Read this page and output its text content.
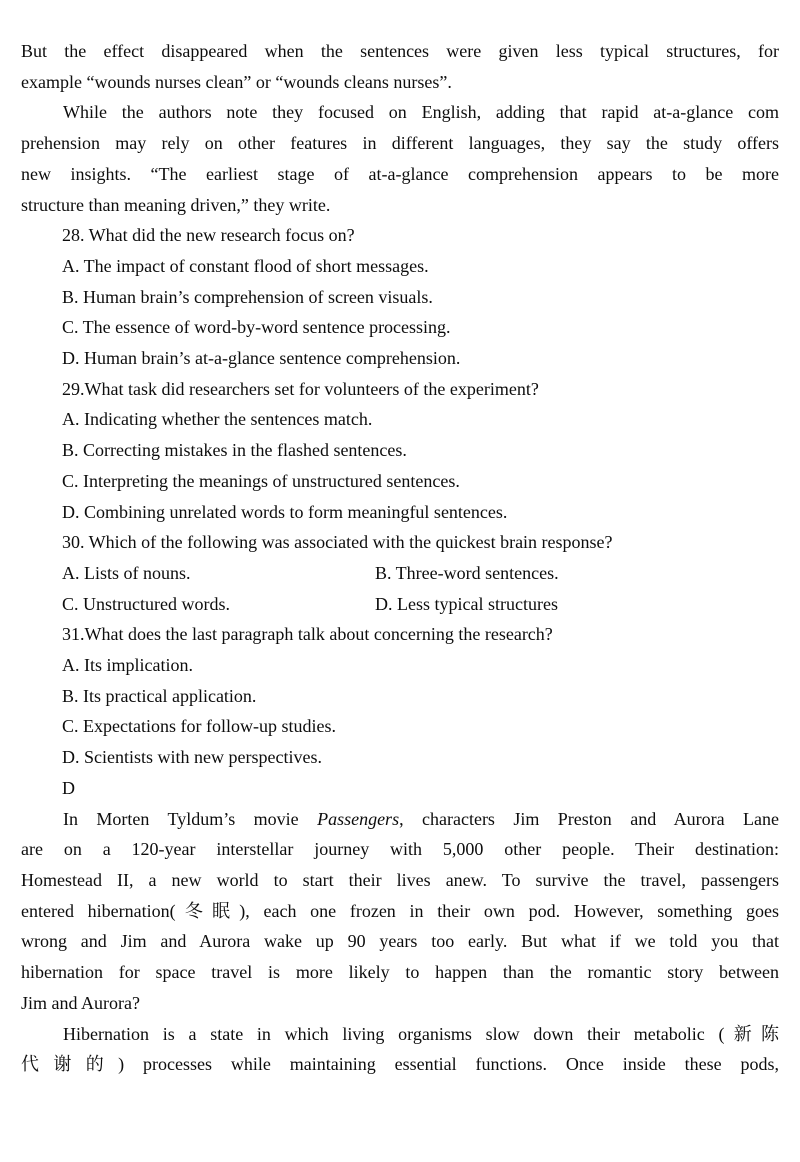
But the effect disappeared when the sentences were given less typical structures, for
example “wounds nurses clean” or “wounds cleans nurses”.
While the authors note they focused on English, adding that rapid at-a-glance com
prehension may rely on other features in different languages, they say the study offers
new insights. “The earliest stage of at-a-glance comprehension appears to be more
structure than meaning driven,” they write.
28. What did the new research focus on?
A. The impact of constant flood of short messages.
B. Human brain’s comprehension of screen visuals.
C. The essence of word-by-word sentence processing.
D. Human brain’s at-a-glance sentence comprehension.
29.What task did researchers set for volunteers of the experiment?
A. Indicating whether the sentences match.
B. Correcting mistakes in the flashed sentences.
C. Interpreting the meanings of unstructured sentences.
D. Combining unrelated words to form meaningful sentences.
30. Which of the following was associated with the quickest brain response?
A. Lists of nouns.	B. Three-word sentences.
C. Unstructured words.	D. Less typical structures
31.What does the last paragraph talk about concerning the research?
A. Its implication.
B. Its practical application.
C. Expectations for follow-up studies.
D. Scientists with new perspectives.
D
In Morten Tyldum’s movie Passengers, characters Jim Preston and Aurora Lane
are on a 120-year interstellar journey with 5,000 other people. Their destination:
Homestead II, a new world to start their lives anew. To survive the travel, passengers
entered hibernation(冬眠), each one frozen in their own pod. However, something goes
wrong and Jim and Aurora wake up 90 years too early. But what if we told you that
hibernation for space travel is more likely to happen than the romantic story between
Jim and Aurora?
Hibernation is a state in which living organisms slow down their metabolic (新陈
代谢的) processes while maintaining essential functions. Once inside these pods,
